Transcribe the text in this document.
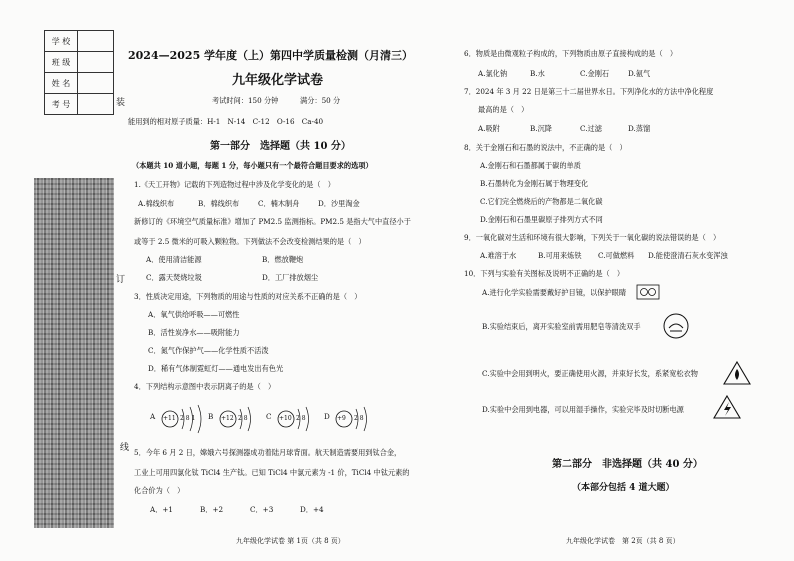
学 校	
班 级	
姓 名	
考 号		装
订
线
2024—2025 学年度（上）第四中学质量检测（月清三）
九年级化学试卷
考试时间：150 分钟	满分：50 分
能用到的相对原子质量：H-1　N-14　C-12　O-16　Ca-40
第一部分　选择题（共 10 分）
（本题共 10 道小题，每题 1 分，每小题只有一个最符合题目要求的选项）
1.《天工开物》记载的下列造物过程中涉及化学变化的是（　）
A.棉线织布	B．棉线织布	C．楠木制舟	D．沙里淘金
新修订的《环境空气质量标准》增加了 PM2.5 监测指标。PM2.5 是指大气中直径小于
或等于 2.5 微米的可吸入颗粒物。下列做法不会改变检测结果的是（　）
A．使用清洁能源	B．燃放鞭炮
C．露天焚烧垃圾	D．工厂排放烟尘
3．性质决定用途，下列物质的用途与性质的对应关系不正确的是（　）
A．氧气供给呼吸——可燃性
B．活性炭净水——吸附能力
C．氮气作保护气——化学性质不活泼
D．稀有气体制霓虹灯——通电发出有色光
4．下列结构示意图中表示阴离子的是（　）
A +11 2 8 1 B +12 2 8	C +10 2 8	D +9 2 8
5．今年 6 月 2 日，嫦娥六号探测器成功着陆月球背面。航天制造需要用到钛合金，
工业上可用四氯化钛 TiCl4 生产钛。已知 TiCl4 中氯元素为 -1 价，TiCl4 中钛元素的
化合价为（　）
A．+1	B．+2	C．+3	D．+4
九年级化学试卷 第 1页（共 8 页）
6．物质是由微观粒子构成的，下列物质由原子直接构成的是（　）
A.氯化钠	B.水	C.金刚石	D.氨气
7．2024 年 3 月 22 日是第三十二届世界水日。下列净化水的方法中净化程度
最高的是（　）
A.吸附	B.沉降	C.过滤	D.蒸馏
8．关于金刚石和石墨的说法中，不正确的是（　）
A.金刚石和石墨都属于碳的单质
B.石墨转化为金刚石属于物理变化
C.它们完全燃烧后的产物都是二氧化碳
D.金刚石和石墨里碳原子排列方式不同
9．一氧化碳对生活和环境有很大影响，下列关于一氧化碳的说法错误的是（　）
A.难溶于水	B.可用来炼铁 C.可做燃料 D.能使澄清石灰水变浑浊
10．下列与实验有关图标及说明不正确的是（　）
A.进行化学实验需要戴好护目镜，以保护眼睛
B.实验结束后，离开实验室前需用肥皂等清洗双手
C.实验中会用到明火，要正确使用火源，并束好长发，系紧宽松衣物
D.实验中会用到电器，可以用湿手操作，实验完毕及时切断电源
第二部分　非选择题（共 40 分）
（本部分包括 4 道大题）
九年级化学试卷　第 2页（共 8 页）
